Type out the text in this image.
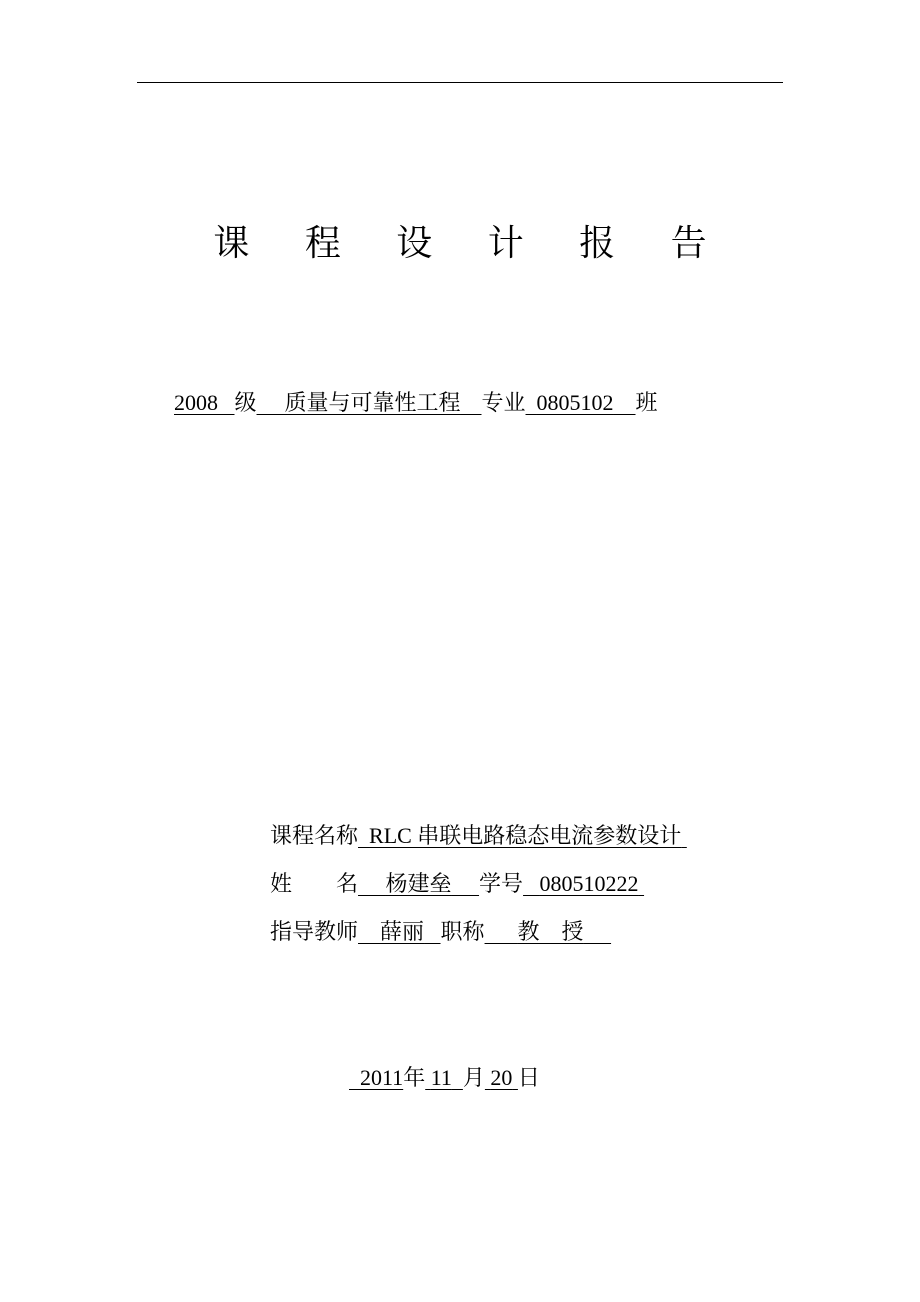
课 程 设 计 报 告
2008 级 质量与可靠性工程 专业 0805102 班
课程名称 RLC 串联电路稳态电流参数设计
姓　　名 杨建垒 学号 080510222
指导教师 薛丽 职称 教　授
2011年 11 月 20 日
